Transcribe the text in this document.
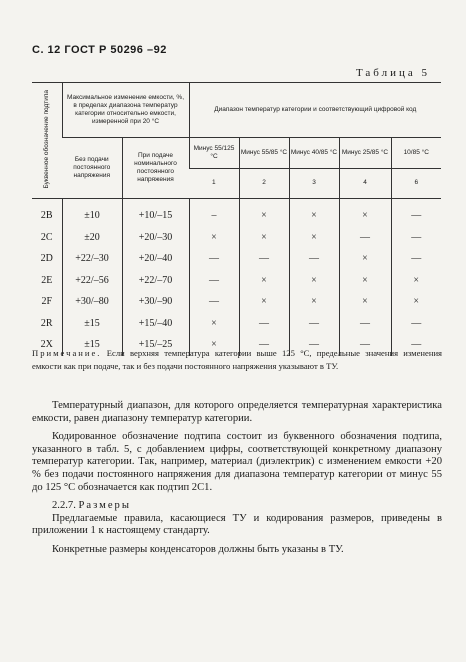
С. 12 ГОСТ Р 50296 –92
Таблица 5
Буквенное обозначение подтипа	Максимальное изменение емкости, %, в пределах диапазона температур категории относительно емкости, измеренной при 20 °С		Диапазон температур категории и соответствующий цифровой код				
	Без подачи постоянного напряжения	При подаче номинального постоянного напряжения	Минус 55/125 °С	Минус 55/85 °С	Минус 40/85 °С	Минус 25/85 °С	10/85 °С
			1	2	3	4	6
2B	±10	+10/–15	–	×	×	×	—
2C	±20	+20/–30	×	×	×	—	—
2D	+22/–30	+20/–40	—	—	—	×	—
2E	+22/–56	+22/–70	—	×	×	×	×
2F	+30/–80	+30/–90	—	×	×	×	×
2R	±15	+15/–40	×	—	—	—	—
2X	±15	+15/–25	×	—	—	—	—
Примечание. Если верхняя температура категории выше 125 °С, предельные значения изменения емкости как при подаче, так и без подачи постоянного напряжения указывают в ТУ.

Температурный диапазон, для которого определяется температурная характеристика емкости, равен диапазону температур категории.

Кодированное обозначение подтипа состоит из буквенного обозначения подтипа, указанного в табл. 5, с добавлением цифры, соответствующей конкретному диапазону температур категории. Так, например, материал (диэлектрик) с изменением емкости +20 % без подачи постоянного напряжения для диапазона температур категории от минус 55 до 125 °С обозначается как подтип 2С1.

2.2.7. Размеры

Предлагаемые правила, касающиеся ТУ и кодирования размеров, приведены в приложении 1 к настоящему стандарту.

Конкретные размеры конденсаторов должны быть указаны в ТУ.
